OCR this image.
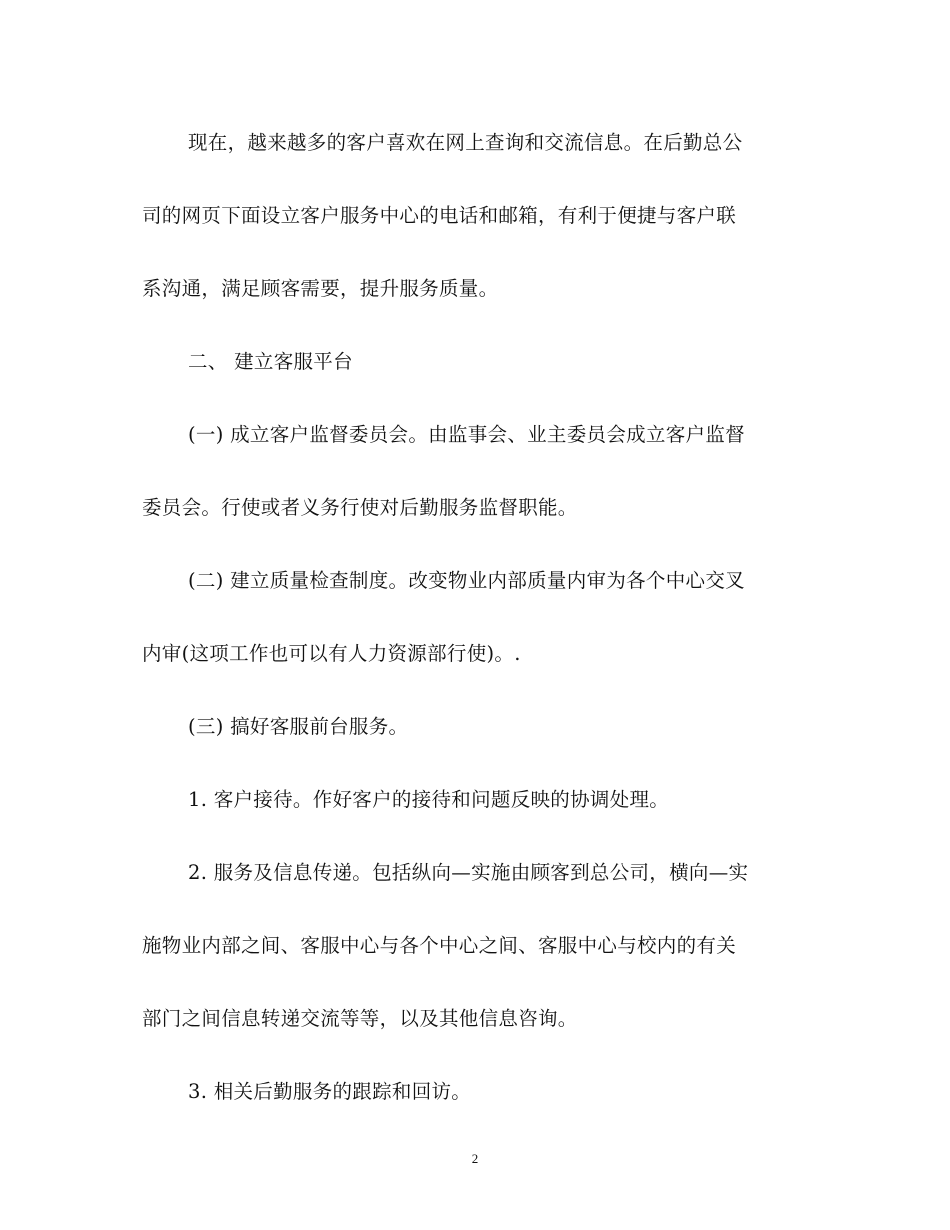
现在，越来越多的客户喜欢在网上查询和交流信息。在后勤总公
司的网页下面设立客户服务中心的电话和邮箱，有利于便捷与客户联
系沟通，满足顾客需要，提升服务质量。
二、 建立客服平台
(一) 成立客户监督委员会。由监事会、业主委员会成立客户监督
委员会。行使或者义务行使对后勤服务监督职能。
(二) 建立质量检查制度。改变物业内部质量内审为各个中心交叉
内审(这项工作也可以有人力资源部行使)。.
(三) 搞好客服前台服务。
1. 客户接待。作好客户的接待和问题反映的协调处理。
2. 服务及信息传递。包括纵向—实施由顾客到总公司，横向—实
施物业内部之间、客服中心与各个中心之间、客服中心与校内的有关
部门之间信息转递交流等等，以及其他信息咨询。
3. 相关后勤服务的跟踪和回访。
2
